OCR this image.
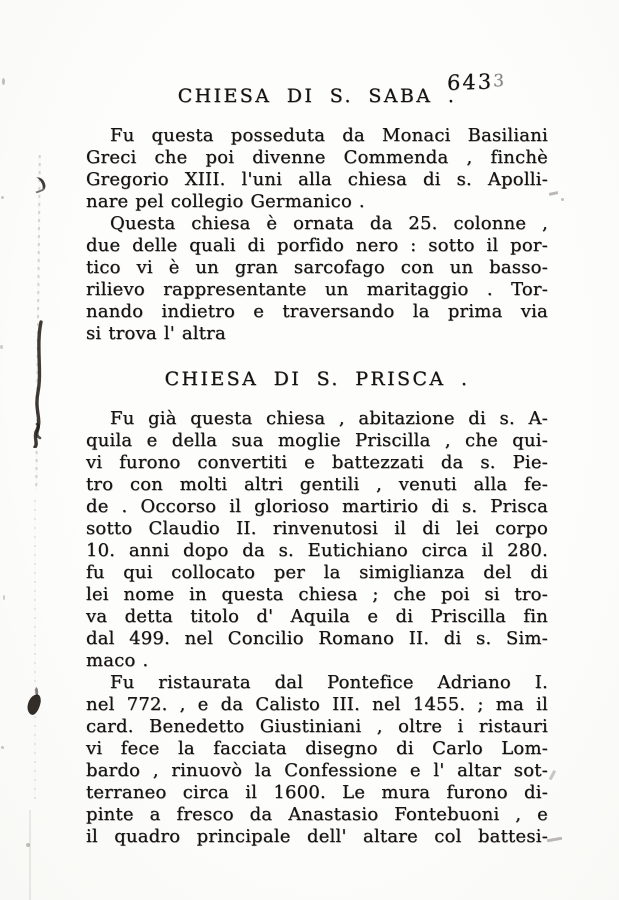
6433
CHIESA DI S. SABA .
Fu questa posseduta da Monaci Basiliani
Greci che poi divenne Commenda , finchè
Gregorio XIII. l'uni alla chiesa di s. Apolli-
nare pel collegio Germanico .
Questa chiesa è ornata da 25. colonne ,
due delle quali di porfido nero : sotto il por-
tico vi è un gran sarcofago con un basso-
rilievo rappresentante un maritaggio . Tor-
nando indietro e traversando la prima via
si trova l' altra
CHIESA DI S. PRISCA .
Fu già questa chiesa , abitazione di s. A-
quila e della sua moglie Priscilla , che qui-
vi furono convertiti e battezzati da s. Pie-
tro con molti altri gentili , venuti alla fe-
de . Occorso il glorioso martirio di s. Prisca
sotto Claudio II. rinvenutosi il di lei corpo
10. anni dopo da s. Eutichiano circa il 280.
fu qui collocato per la simiglianza del di
lei nome in questa chiesa ; che poi si tro-
va detta titolo d' Aquila e di Priscilla fin
dal 499. nel Concilio Romano II. di s. Sim-
maco .
Fu ristaurata dal Pontefice Adriano I.
nel 772. , e da Calisto III. nel 1455. ; ma il
card. Benedetto Giustiniani , oltre i ristauri
vi fece la facciata disegno di Carlo Lom-
bardo , rinuovò la Confessione e l' altar sot-
terraneo circa il 1600. Le mura furono di-
pinte a fresco da Anastasio Fontebuoni , e
il quadro principale dell' altare col battesi-
